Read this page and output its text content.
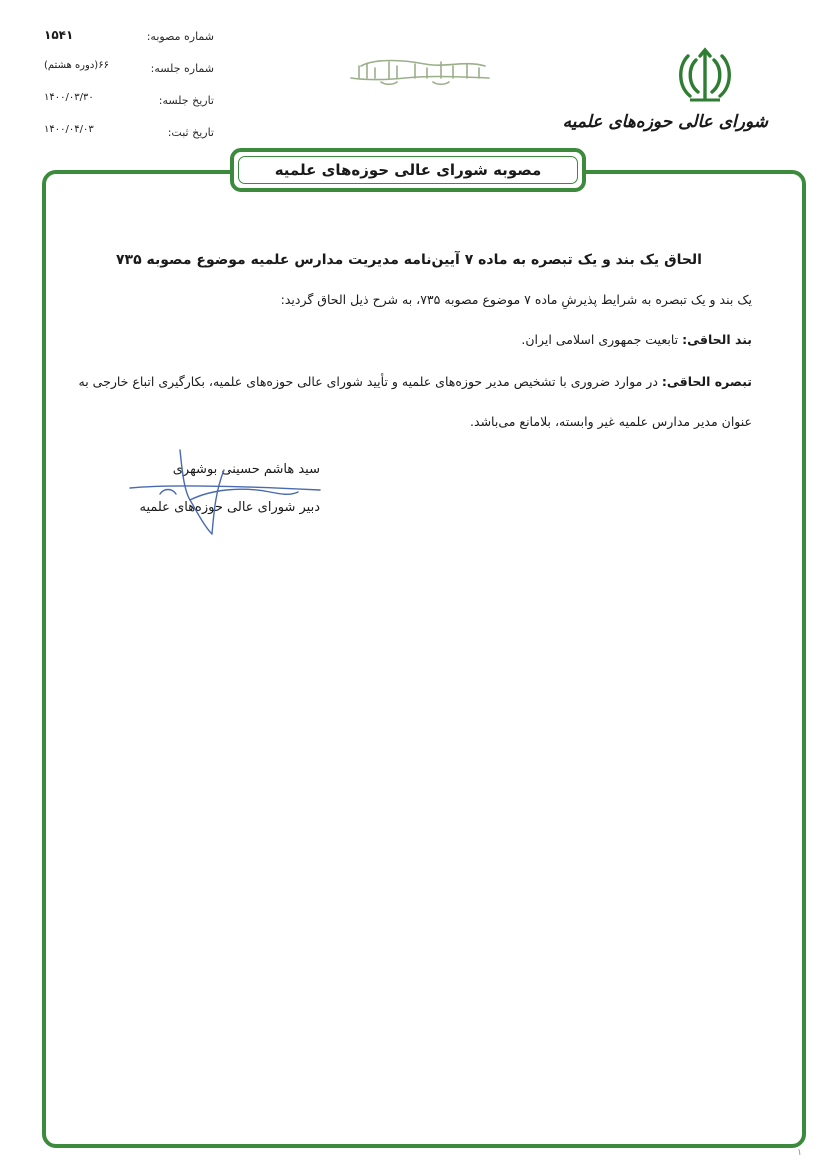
شماره مصوبه:
۱۵۴۱
شماره جلسه:
۶۶(دوره هشتم)
تاریخ جلسه:
۱۴۰۰/۰۳/۳۰
تاریخ ثبت:
۱۴۰۰/۰۴/۰۳	شورای عالی حوزه‌های علمیه
مصوبه شورای عالی حوزه‌های علمیه

الحاق یک بند و یک تبصره به ماده ۷ آیین‌نامه مدیریت مدارس علمیه موضوع مصوبه ۷۳۵

یک بند و یک تبصره به شرایط پذیرشِ ماده ۷ موضوع مصوبه ۷۳۵، به شرح ذیل الحاق گردید:

بند الحاقی: تابعیت جمهوری اسلامی ایران.

تبصره الحاقی: در موارد ضروری با تشخیص مدیر حوزه‌های علمیه و تأیید شورای عالی حوزه‌های علمیه، بکارگیری اتباع خارجی به عنوان مدیر مدارس علمیه غیر وابسته، بلامانع می‌باشد.

سید هاشم حسینی بوشهری
دبیر شورای عالی حوزه‌های علمیه
۱
